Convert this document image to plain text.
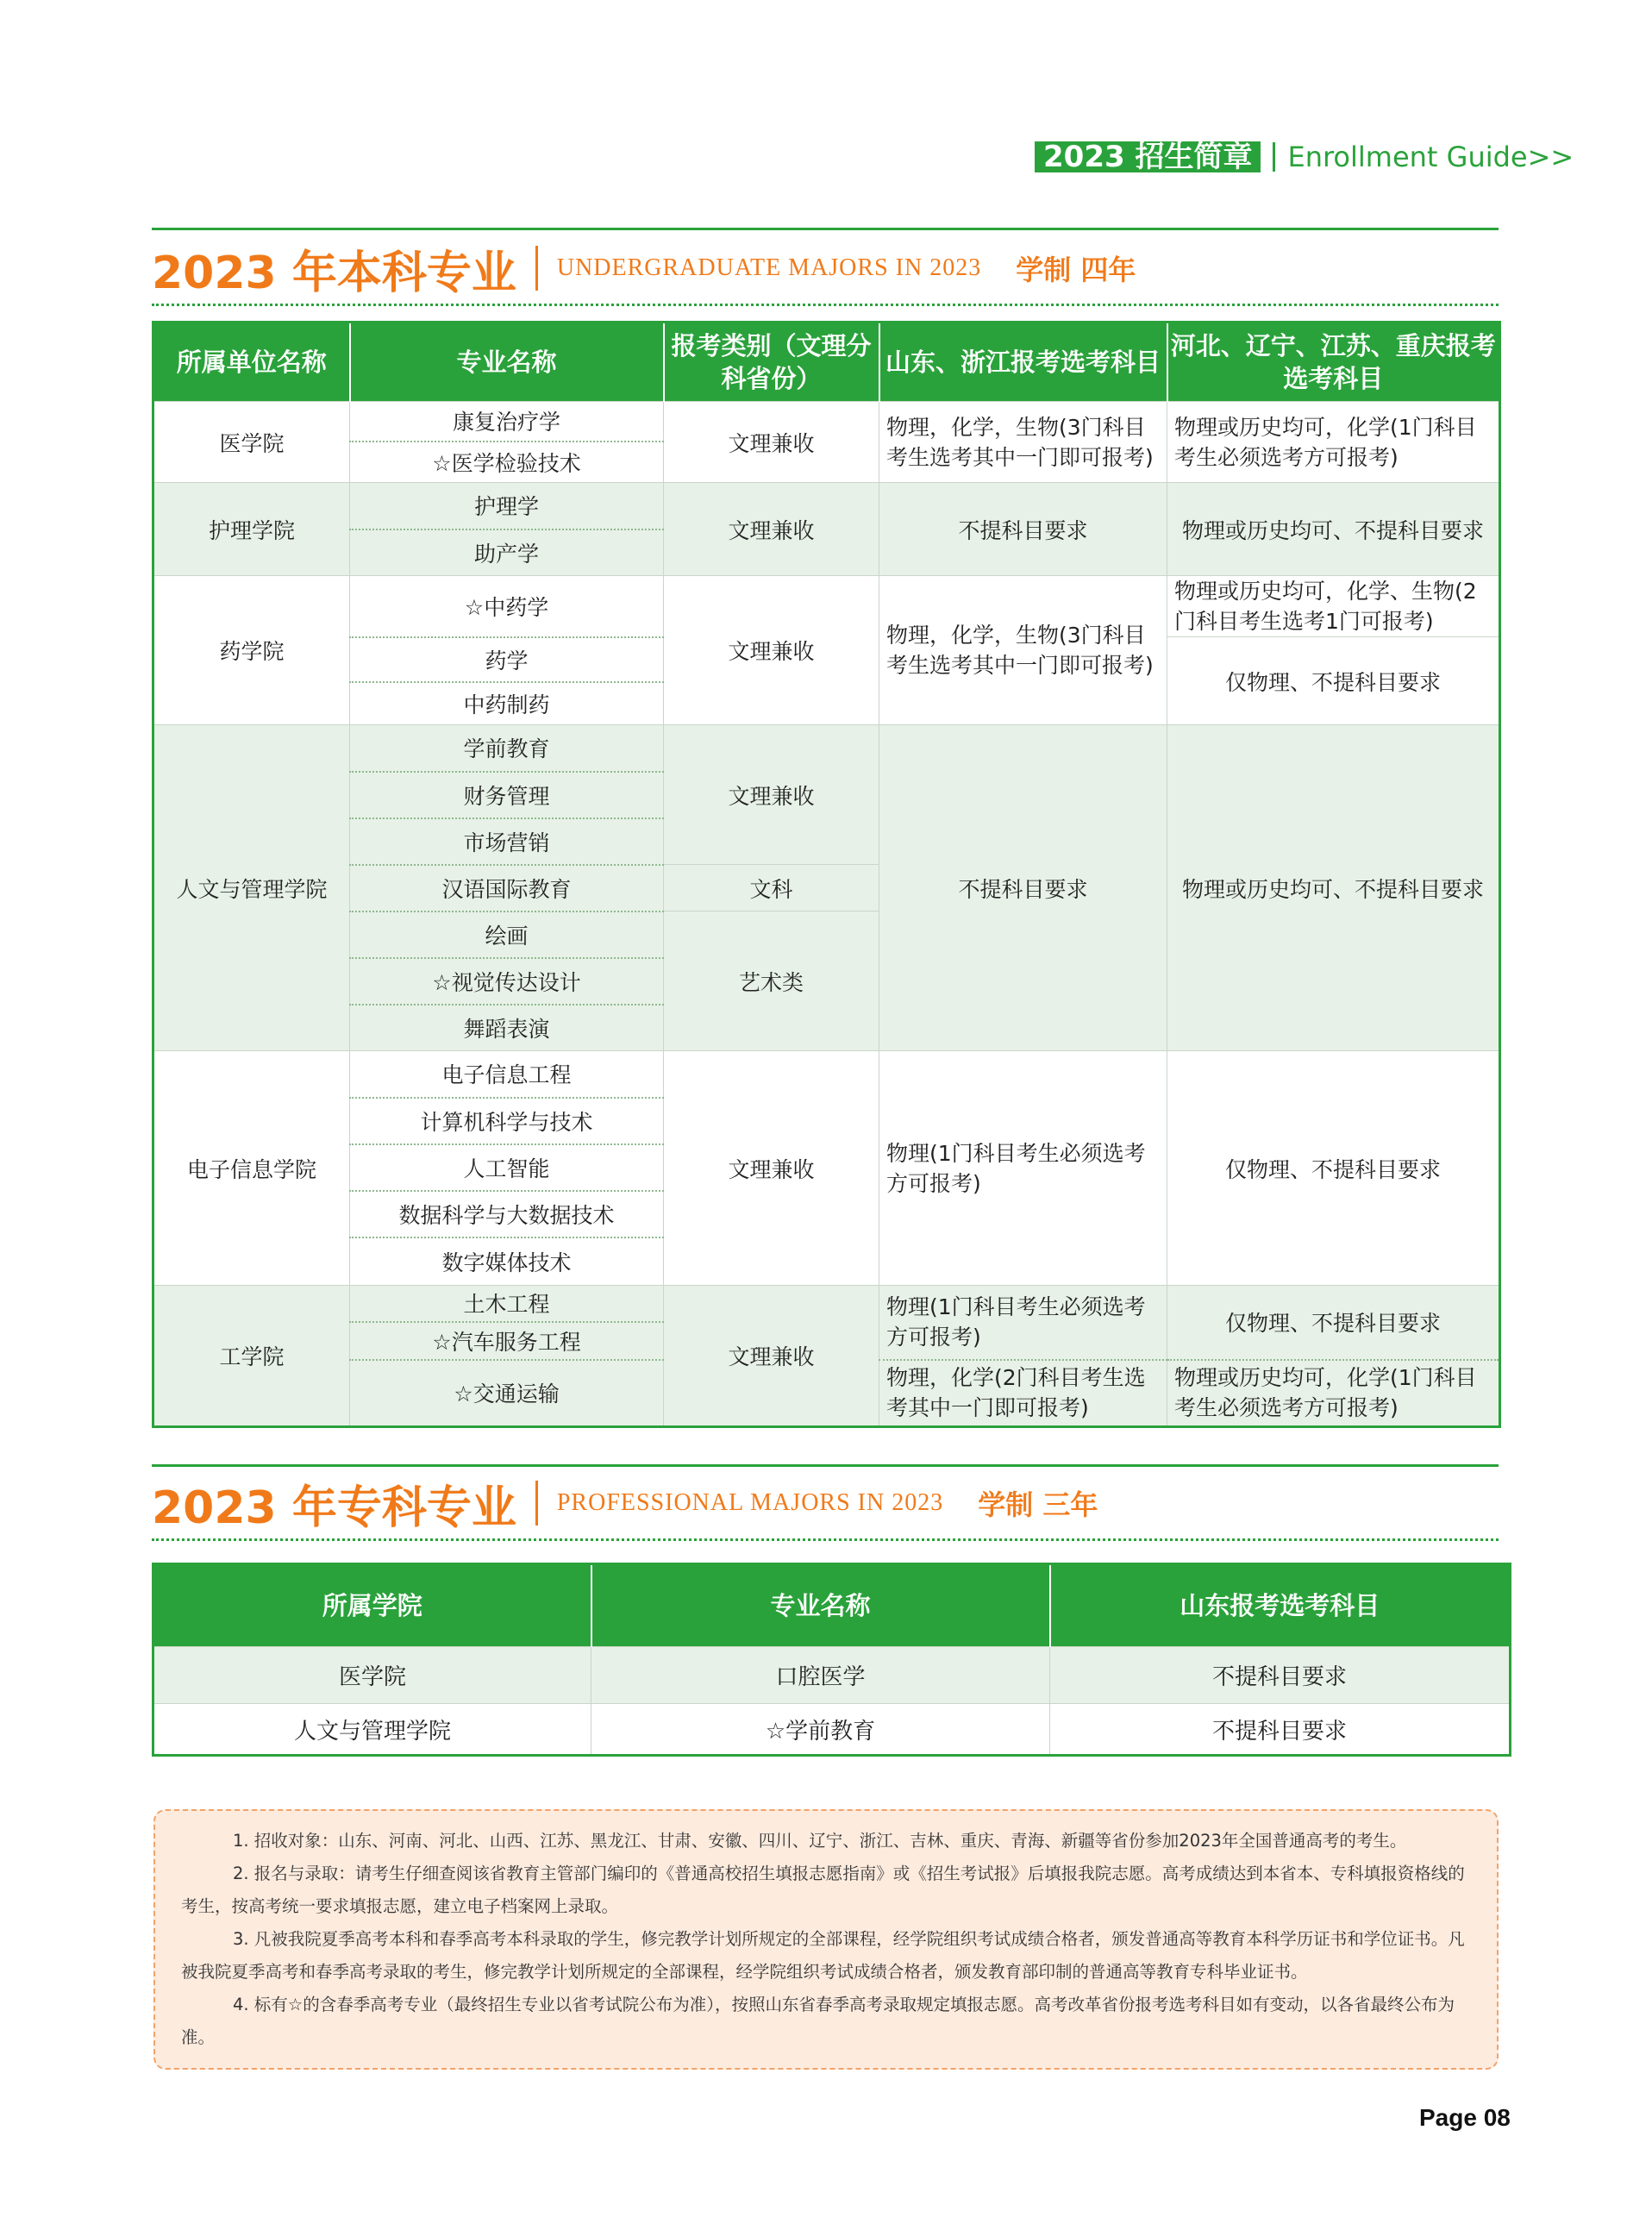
2023 招生简章	Enrollment Guide>>
2023 年本科专业 UNDERGRADUATE MAJORS IN 2023 学制 四年
所属单位名称	专业名称	报考类别（文理分科省份）	山东、浙江报考选考科目	河北、辽宁、江苏、重庆报考选考科目
医学院	康复治疗学	文理兼收	物理，化学，生物(3门科目考生选考其中一门即可报考)	物理或历史均可，化学(1门科目考生必须选考方可报考)
	☆医学检验技术			
护理学院	护理学	文理兼收	不提科目要求	物理或历史均可、不提科目要求
	助产学			
药学院	☆中药学	文理兼收	物理，化学，生物(3门科目考生选考其中一门即可报考)	物理或历史均可，化学、生物(2门科目考生选考1门可报考)
	药学			仅物理、不提科目要求
	中药制药			
人文与管理学院	学前教育	文理兼收	不提科目要求	物理或历史均可、不提科目要求
	财务管理			
	市场营销			
	汉语国际教育	文科		
	绘画	艺术类		
	☆视觉传达设计			
	舞蹈表演			
电子信息学院	电子信息工程	文理兼收	物理(1门科目考生必须选考方可报考)	仅物理、不提科目要求
	计算机科学与技术			
	人工智能			
	数据科学与大数据技术			
	数字媒体技术			
工学院	土木工程	文理兼收	物理(1门科目考生必须选考方可报考)	仅物理、不提科目要求
	☆汽车服务工程			

	☆交通运输		物理，化学(2门科目考生选考其中一门即可报考)	物理或历史均可，化学(1门科目考生必须选考方可报考)
2023 年专科专业 PROFESSIONAL MAJORS IN 2023 学制 三年
所属学院	专业名称	山东报考选考科目
医学院	口腔医学	不提科目要求
人文与管理学院	☆学前教育	不提科目要求

1. 招收对象：山东、河南、河北、山西、江苏、黑龙江、甘肃、安徽、四川、辽宁、浙江、吉林、重庆、青海、新疆等省份参加2023年全国普通高考的考生。

2. 报名与录取：请考生仔细查阅该省教育主管部门编印的《普通高校招生填报志愿指南》或《招生考试报》后填报我院志愿。高考成绩达到本省本、专科填报资格线的考生，按高考统一要求填报志愿，建立电子档案网上录取。

3. 凡被我院夏季高考本科和春季高考本科录取的学生，修完教学计划所规定的全部课程，经学院组织考试成绩合格者，颁发普通高等教育本科学历证书和学位证书。凡被我院夏季高考和春季高考录取的考生，修完教学计划所规定的全部课程，经学院组织考试成绩合格者，颁发教育部印制的普通高等教育专科毕业证书。

4. 标有☆的含春季高考专业（最终招生专业以省考试院公布为准），按照山东省春季高考录取规定填报志愿。高考改革省份报考选考科目如有变动，以各省最终公布为准。

Page 08
